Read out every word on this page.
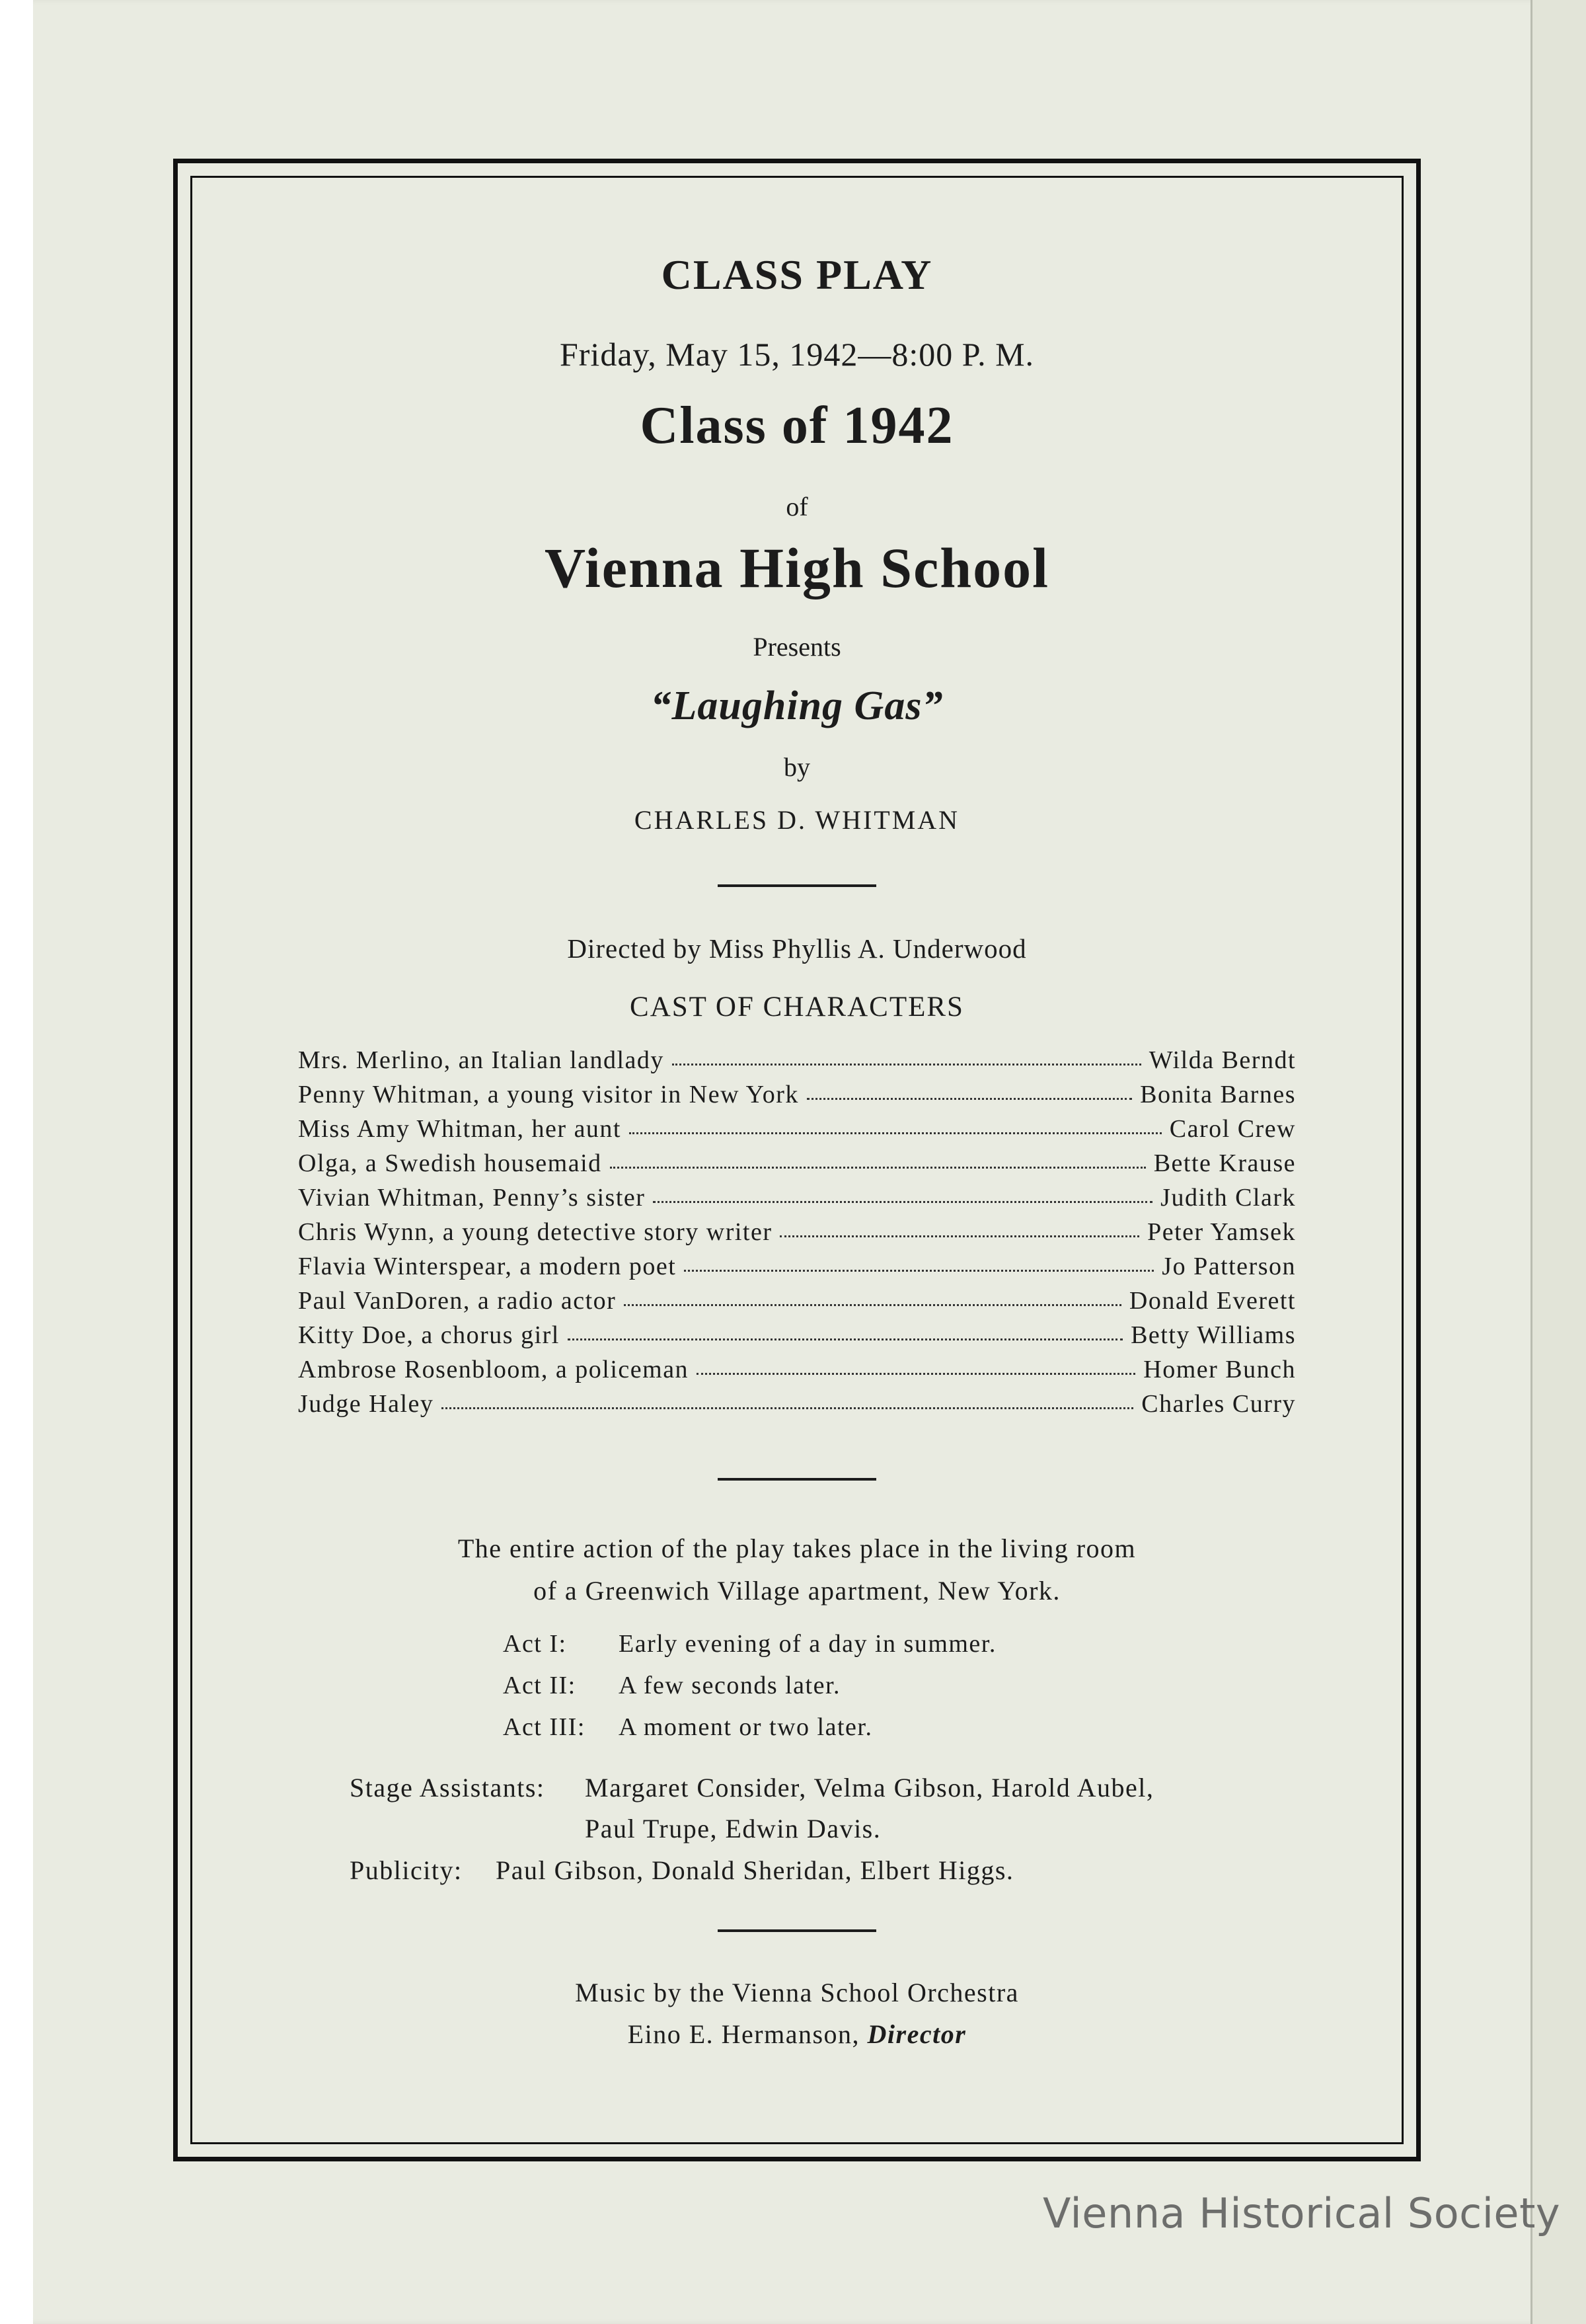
CLASS PLAY
Friday, May 15, 1942—8:00 P. M.
Class of 1942
of
Vienna High School
Presents
“Laughing Gas”
by
CHARLES D. WHITMAN
Directed by Miss Phyllis A. Underwood
CAST OF CHARACTERS
Mrs. Merlino, an Italian landlady	Wilda Berndt
Penny Whitman, a young visitor in New York	Bonita Barnes
Miss Amy Whitman, her aunt	Carol Crew
Olga, a Swedish housemaid	Bette Krause
Vivian Whitman, Penny’s sister	Judith Clark
Chris Wynn, a young detective story writer	Peter Yamsek
Flavia Winterspear, a modern poet	Jo Patterson
Paul VanDoren, a radio actor	Donald Everett
Kitty Doe, a chorus girl	Betty Williams
Ambrose Rosenbloom, a policeman	Homer Bunch
Judge Haley	Charles Curry
The entire action of the play takes place in the living room
of a Greenwich Village apartment, New York.
Act I: Early evening of a day in summer.
Act II: A few seconds later.
Act III: A moment or two later.
Stage Assistants: Margaret Consider, Velma Gibson, Harold Aubel,
Paul Trupe, Edwin Davis.
Publicity: Paul Gibson, Donald Sheridan, Elbert Higgs.
Music by the Vienna School Orchestra
Eino E. Hermanson, Director
Vienna Historical Society
